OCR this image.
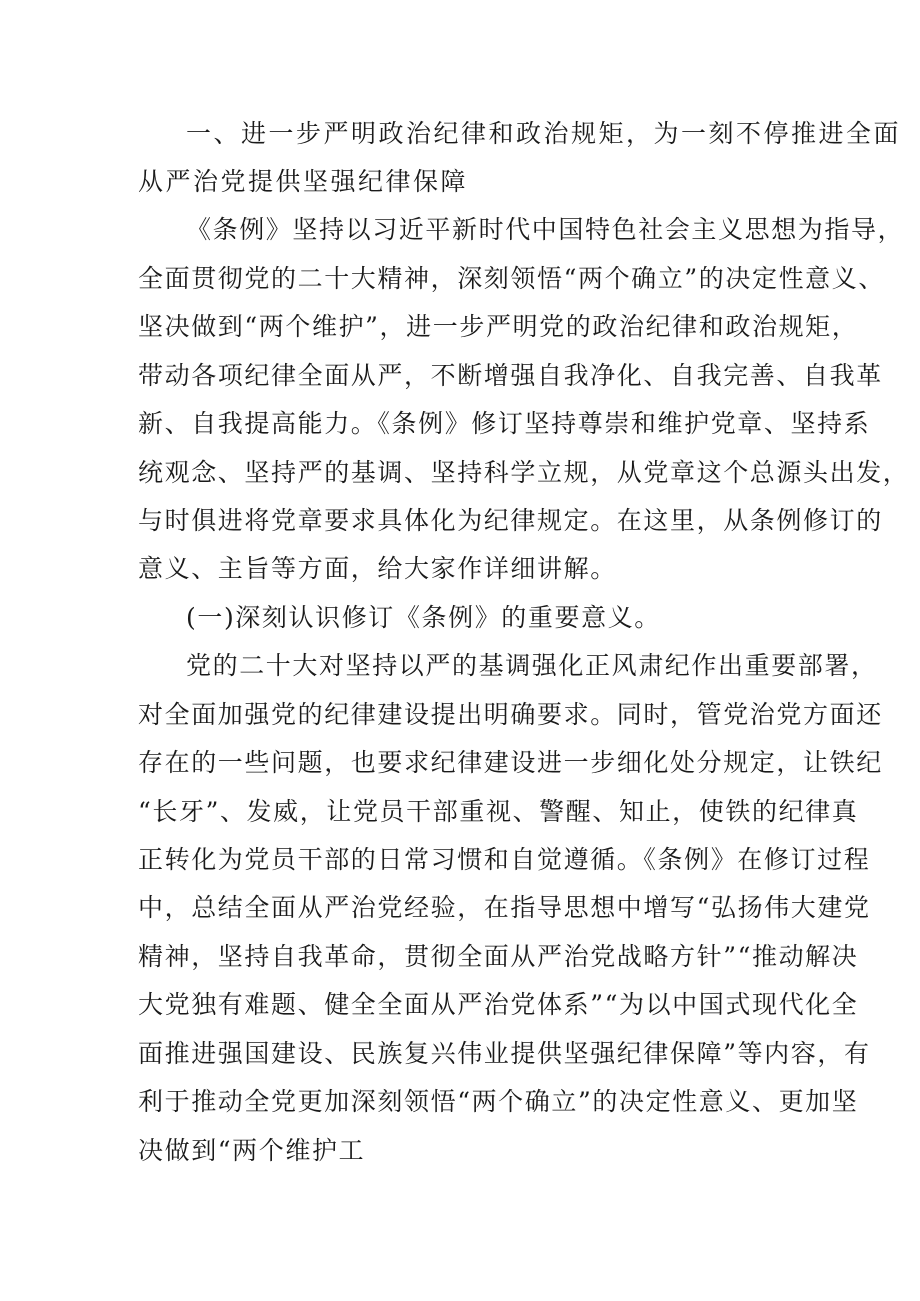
一、进一步严明政治纪律和政治规矩，为一刻不停推进全面
从严治党提供坚强纪律保障
《条例》坚持以习近平新时代中国特色社会主义思想为指导，
全面贯彻党的二十大精神，深刻领悟“两个确立”的决定性意义、
坚决做到“两个维护”，进一步严明党的政治纪律和政治规矩，
带动各项纪律全面从严，不断增强自我净化、自我完善、自我革
新、自我提高能力。《条例》修订坚持尊崇和维护党章、坚持系
统观念、坚持严的基调、坚持科学立规，从党章这个总源头出发，
与时俱进将党章要求具体化为纪律规定。在这里，从条例修订的
意义、主旨等方面，给大家作详细讲解。
(一)深刻认识修订《条例》的重要意义。
党的二十大对坚持以严的基调强化正风肃纪作出重要部署，
对全面加强党的纪律建设提出明确要求。同时，管党治党方面还
存在的一些问题，也要求纪律建设进一步细化处分规定，让铁纪
“长牙”、发威，让党员干部重视、警醒、知止，使铁的纪律真
正转化为党员干部的日常习惯和自觉遵循。《条例》在修订过程
中，总结全面从严治党经验，在指导思想中增写“弘扬伟大建党
精神，坚持自我革命，贯彻全面从严治党战略方针”“推动解决
大党独有难题、健全全面从严治党体系”“为以中国式现代化全
面推进强国建设、民族复兴伟业提供坚强纪律保障”等内容，有
利于推动全党更加深刻领悟“两个确立”的决定性意义、更加坚
决做到“两个维护工
